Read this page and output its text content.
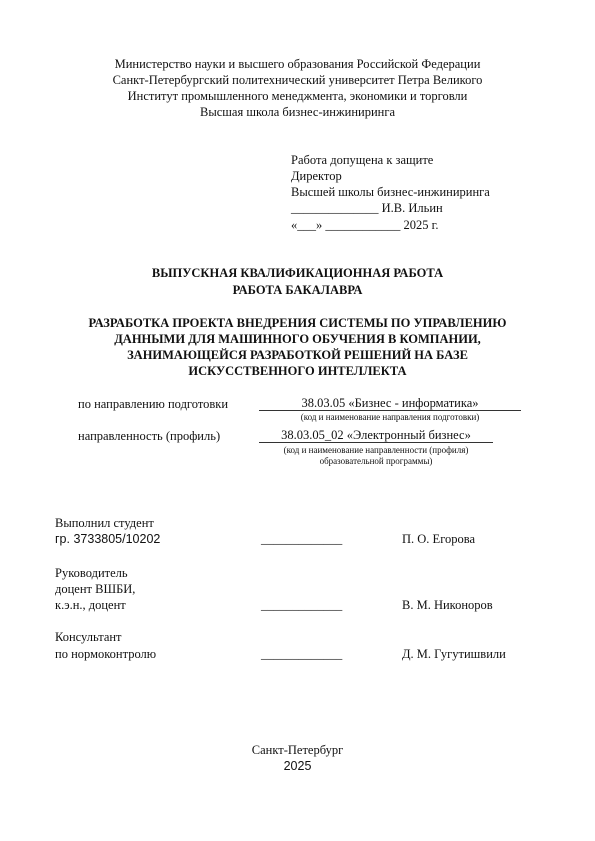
Министерство науки и высшего образования Российской Федерации
Санкт-Петербургский политехнический университет Петра Великого
Институт промышленного менеджмента, экономики и торговли
Высшая школа бизнес-инжиниринга
Работа допущена к защите
Директор
Высшей школы бизнес-инжиниринга
______________ И.В. Ильин
«___» ____________ 2025 г.
ВЫПУСКНАЯ КВАЛИФИКАЦИОННАЯ РАБОТА
РАБОТА БАКАЛАВРА
РАЗРАБОТКА ПРОЕКТА ВНЕДРЕНИЯ СИСТЕМЫ ПО УПРАВЛЕНИЮ
ДАННЫМИ ДЛЯ МАШИННОГО ОБУЧЕНИЯ В КОМПАНИИ,
ЗАНИМАЮЩЕЙСЯ РАЗРАБОТКОЙ РЕШЕНИЙ НА БАЗЕ
ИСКУССТВЕННОГО ИНТЕЛЛЕКТА
по направлению подготовки	38.03.05 «Бизнес - информатика»
(код и наименование направления подготовки)
направленность (профиль)	38.03.05_02 «Электронный бизнес»
(код и наименование направленности (профиля)
образовательной программы)
Выполнил студент
гр. 3733805/10202	_____________	П. О. Егорова
Руководитель
доцент ВШБИ,
к.э.н., доцент	_____________	В. М. Никоноров
Консультант
по нормоконтролю	_____________	Д. М. Гугутишвили
Санкт-Петербург
2025
